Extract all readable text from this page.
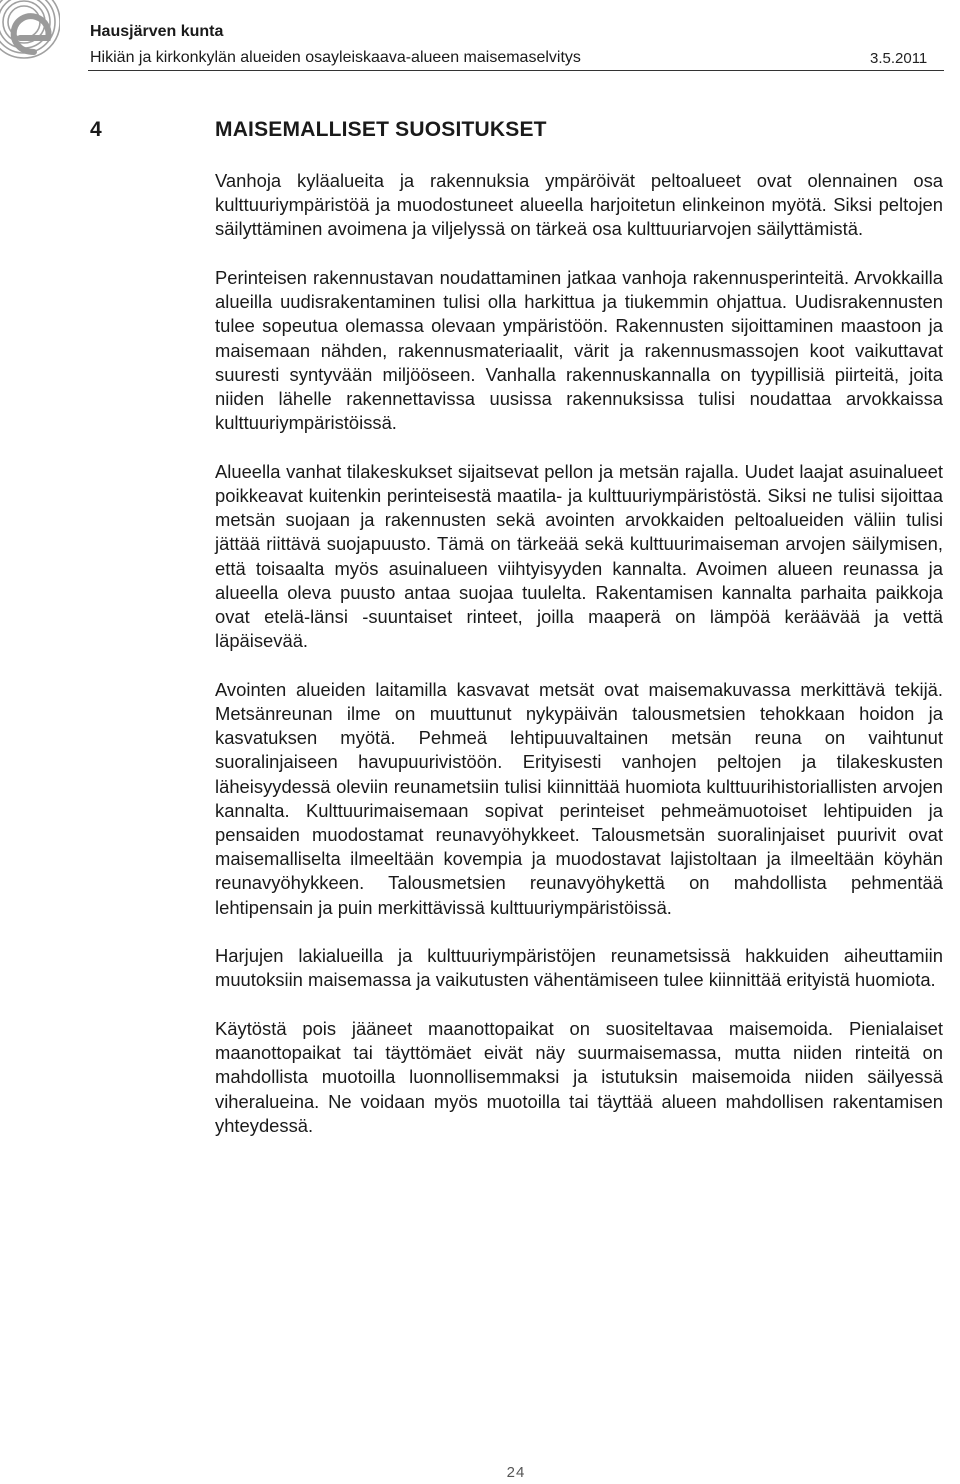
Hausjärven kunta
Hikiän ja kirkonkylän alueiden osayleiskaava-alueen maisemaselvitys	3.5.2011
4	MAISEMALLISET SUOSITUKSET

Vanhoja kyläalueita ja rakennuksia ympäröivät peltoalueet ovat olennainen osa kulttuuriympäristöä ja muodostuneet alueella harjoitetun elinkeinon myötä. Siksi peltojen säilyttäminen avoimena ja viljelyssä on tärkeä osa kulttuuriarvojen säilyttämistä.

Perinteisen rakennustavan noudattaminen jatkaa vanhoja rakennusperinteitä. Arvokkailla alueilla uudisrakentaminen tulisi olla harkittua ja tiukemmin ohjattua. Uudisrakennusten tulee sopeutua olemassa olevaan ympäristöön. Rakennusten sijoittaminen maastoon ja maisemaan nähden, rakennusmateriaalit, värit ja rakennusmassojen koot vaikuttavat suuresti syntyvään miljööseen. Vanhalla rakennuskannalla on tyypillisiä piirteitä, joita niiden lähelle rakennettavissa uusissa rakennuksissa tulisi noudattaa arvokkaissa kulttuuriympäristöissä.

Alueella vanhat tilakeskukset sijaitsevat pellon ja metsän rajalla. Uudet laajat asuinalueet poikkeavat kuitenkin perinteisestä maatila- ja kulttuuriympäristöstä. Siksi ne tulisi sijoittaa metsän suojaan ja rakennusten sekä avointen arvokkaiden peltoalueiden väliin tulisi jättää riittävä suojapuusto. Tämä on tärkeää sekä kulttuurimaiseman arvojen säilymisen, että toisaalta myös asuinalueen viihtyisyyden kannalta. Avoimen alueen reunassa ja alueella oleva puusto antaa suojaa tuulelta. Rakentamisen kannalta parhaita paikkoja ovat etelä-länsi -suuntaiset rinteet, joilla maaperä on lämpöä keräävää ja vettä läpäisevää.

Avointen alueiden laitamilla kasvavat metsät ovat maisemakuvassa merkittävä tekijä. Metsänreunan ilme on muuttunut nykypäivän talousmetsien tehokkaan hoidon ja kasvatuksen myötä. Pehmeä lehtipuuvaltainen metsän reuna on vaihtunut suoralinjaiseen havupuurivistöön. Erityisesti vanhojen peltojen ja tilakeskusten läheisyydessä oleviin reunametsiin tulisi kiinnittää huomiota kulttuurihistoriallisten arvojen kannalta. Kulttuurimaisemaan sopivat perinteiset pehmeämuotoiset lehtipuiden ja pensaiden muodostamat reunavyöhykkeet. Talousmetsän suoralinjaiset puurivit ovat maisemalliselta ilmeeltään kovempia ja muodostavat lajistoltaan ja ilmeeltään köyhän reunavyöhykkeen. Talousmetsien reunavyöhykettä on mahdollista pehmentää lehtipensain ja puin merkittävissä kulttuuriympäristöissä.

Harjujen lakialueilla ja kulttuuriympäristöjen reunametsissä hakkuiden aiheuttamiin muutoksiin maisemassa ja vaikutusten vähentämiseen tulee kiinnittää erityistä huomiota.

Käytöstä pois jääneet maanottopaikat on suositeltavaa maisemoida. Pienialaiset maanottopaikat tai täyttömäet eivät näy suurmaisemassa, mutta niiden rinteitä on mahdollista muotoilla luonnollisemmaksi ja istutuksin maisemoida niiden säilyessä viheralueina. Ne voidaan myös muotoilla tai täyttää alueen mahdollisen rakentamisen yhteydessä.

24
